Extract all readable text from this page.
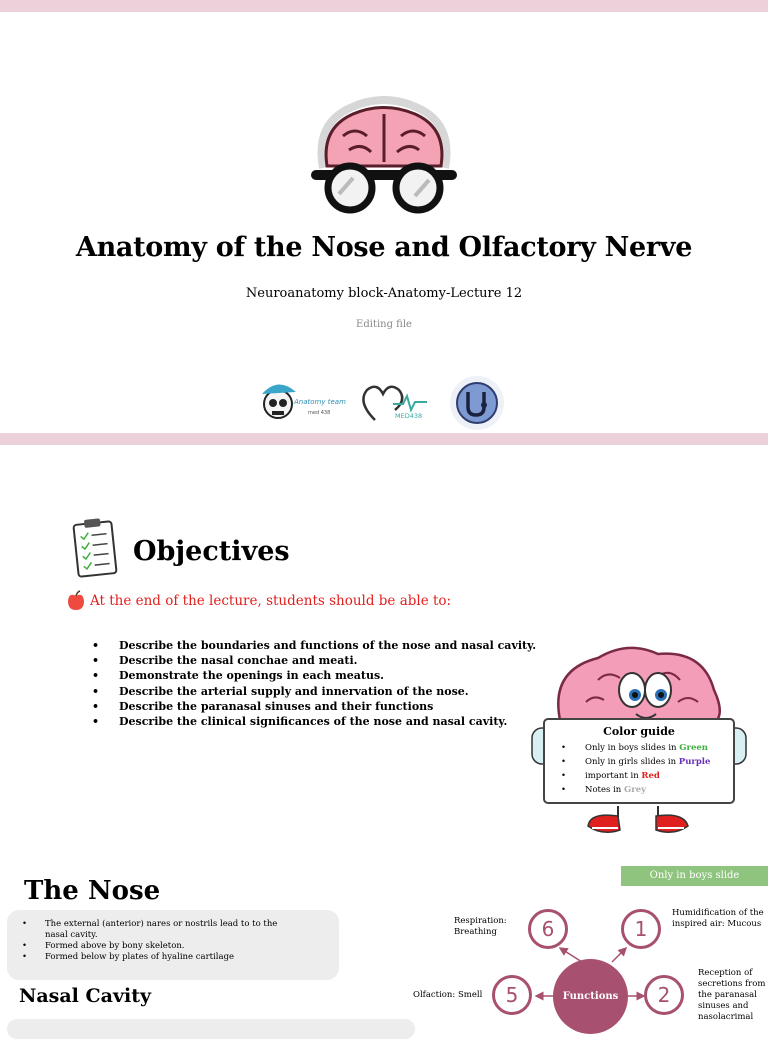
Anatomy of the Nose and Olfactory Nerve
Neuroanatomy block-Anatomy-Lecture 12
Editing file
Anatomy team
med 438	MED438
Objectives
At the end of the lecture, students should be able to:
• Describe the boundaries and functions of the nose and nasal cavity.
• Describe the nasal conchae and meati.
• Demonstrate the openings in each meatus.
• Describe the arterial supply and innervation of the nose.
• Describe the paranasal sinuses and their functions
• Describe the clinical significances of the nose and nasal cavity.
Color guide
• Only in boys slides in Green
• Only in girls slides in Purple
• important in Red
• Notes in Grey
Only in boys slide
The Nose
• The external (anterior) nares or nostrils lead to to the nasal cavity.
• Formed above by bony skeleton.
• Formed below by plates of hyaline cartilage
Nasal Cavity	Functions
6	1
5	2
Respiration: Breathing
Humidification of the inspired air: Mucous
Olfaction: Smell
Reception of secretions from the paranasal sinuses and nasolacrimal
